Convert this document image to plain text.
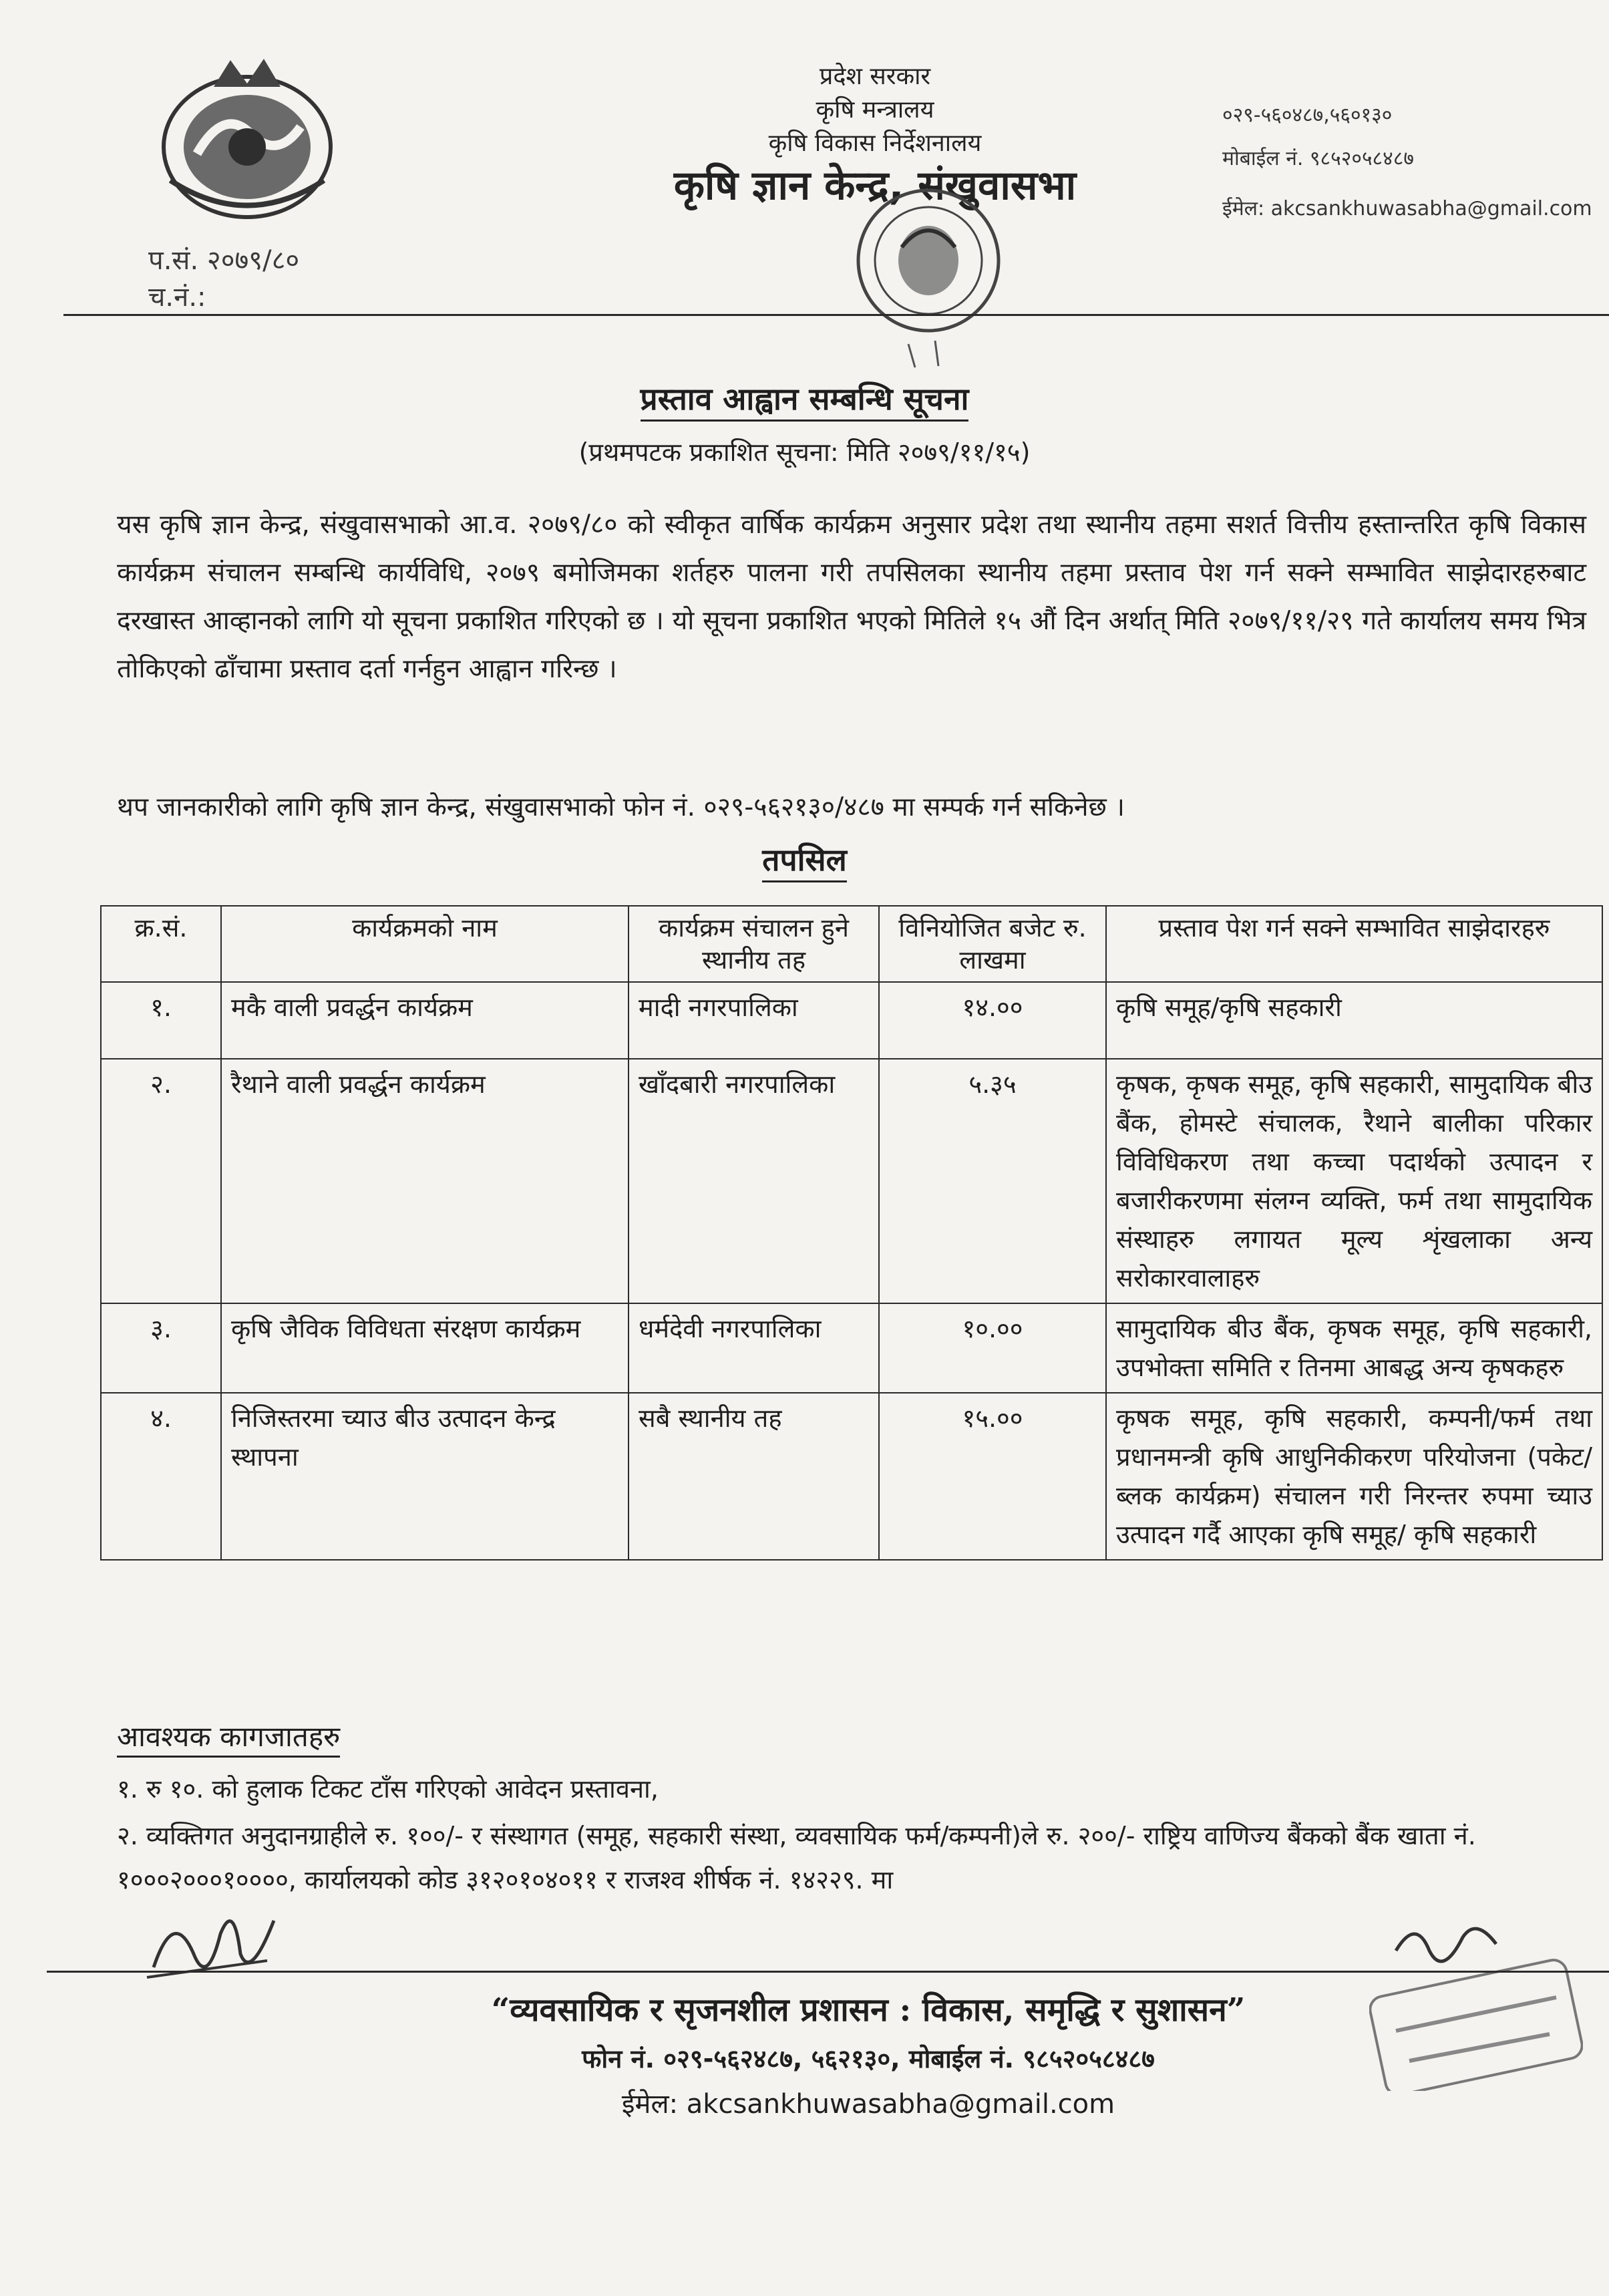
प.सं. २०७९/८०
च.नं.:
प्रदेश सरकार
कृषि मन्त्रालय
कृषि विकास निर्देशनालय
कृषि ज्ञान केन्द्र, संखुवासभा
०२९-५६०४८७,५६०१३०
मोबाईल नं. ९८५२०५८४८७
ईमेल: akcsankhuwasabha@gmail.com
प्रस्ताव आह्वान सम्बन्धि सूचना
(प्रथमपटक प्रकाशित सूचना: मिति २०७९/११/१५)
यस कृषि ज्ञान केन्द्र, संखुवासभाको आ.व. २०७९/८० को स्वीकृत वार्षिक कार्यक्रम अनुसार प्रदेश तथा स्थानीय तहमा सशर्त वित्तीय हस्तान्तरित कृषि विकास कार्यक्रम संचालन सम्बन्धि कार्यविधि, २०७९ बमोजिमका शर्तहरु पालना गरी तपसिलका स्थानीय तहमा प्रस्ताव पेश गर्न सक्ने सम्भावित साझेदारहरुबाट दरखास्त आव्हानको लागि यो सूचना प्रकाशित गरिएको छ । यो सूचना प्रकाशित भएको मितिले १५ औं दिन अर्थात् मिति २०७९/११/२९ गते कार्यालय समय भित्र तोकिएको ढाँचामा प्रस्ताव दर्ता गर्नहुन आह्वान गरिन्छ ।
थप जानकारीको लागि कृषि ज्ञान केन्द्र, संखुवासभाको फोन नं. ०२९-५६२१३०/४८७ मा सम्पर्क गर्न सकिनेछ ।
तपसिल
क्र.सं.	कार्यक्रमको नाम	कार्यक्रम संचालन हुने स्थानीय तह	विनियोजित बजेट रु. लाखमा	प्रस्ताव पेश गर्न सक्ने सम्भावित साझेदारहरु
१.	मकै वाली प्रवर्द्धन कार्यक्रम	मादी नगरपालिका	१४.००	कृषि समूह/कृषि सहकारी
२.	रैथाने वाली प्रवर्द्धन कार्यक्रम	खाँदबारी नगरपालिका	५.३५	कृषक, कृषक समूह, कृषि सहकारी, सामुदायिक बीउ बैंक, होमस्टे संचालक, रैथाने बालीका परिकार विविधिकरण तथा कच्चा पदार्थको उत्पादन र बजारीकरणमा संलग्न व्यक्ति, फर्म तथा सामुदायिक संस्थाहरु लगायत मूल्य शृंखलाका अन्य सरोकारवालाहरु
३.	कृषि जैविक विविधता संरक्षण कार्यक्रम	धर्मदेवी नगरपालिका	१०.००	सामुदायिक बीउ बैंक, कृषक समूह, कृषि सहकारी, उपभोक्ता समिति र तिनमा आबद्ध अन्य कृषकहरु
४.	निजिस्तरमा च्याउ बीउ उत्पादन केन्द्र स्थापना	सबै स्थानीय तह	१५.००	कृषक समूह, कृषि सहकारी, कम्पनी/फर्म तथा प्रधानमन्त्री कृषि आधुनिकीकरण परियोजना (पकेट/ब्लक कार्यक्रम) संचालन गरी निरन्तर रुपमा च्याउ उत्पादन गर्दै आएका कृषि समूह/ कृषि सहकारी
आवश्यक कागजातहरु
१. रु १०. को हुलाक टिकट टाँस गरिएको आवेदन प्रस्तावना,
२. व्यक्तिगत अनुदानग्राहीले रु. १००/- र संस्थागत (समूह, सहकारी संस्था, व्यवसायिक फर्म/कम्पनी)ले रु. २००/- राष्ट्रिय वाणिज्य बैंकको बैंक खाता नं. १०००२०००१००००, कार्यालयको कोड ३१२०१०४०११ र राजश्व शीर्षक नं. १४२२९. मा
“व्यवसायिक र सृजनशील प्रशासन : विकास, समृद्धि र सुशासन”
फोन नं. ०२९-५६२४८७, ५६२१३०, मोबाईल नं. ९८५२०५८४८७
ईमेल: akcsankhuwasabha@gmail.com
